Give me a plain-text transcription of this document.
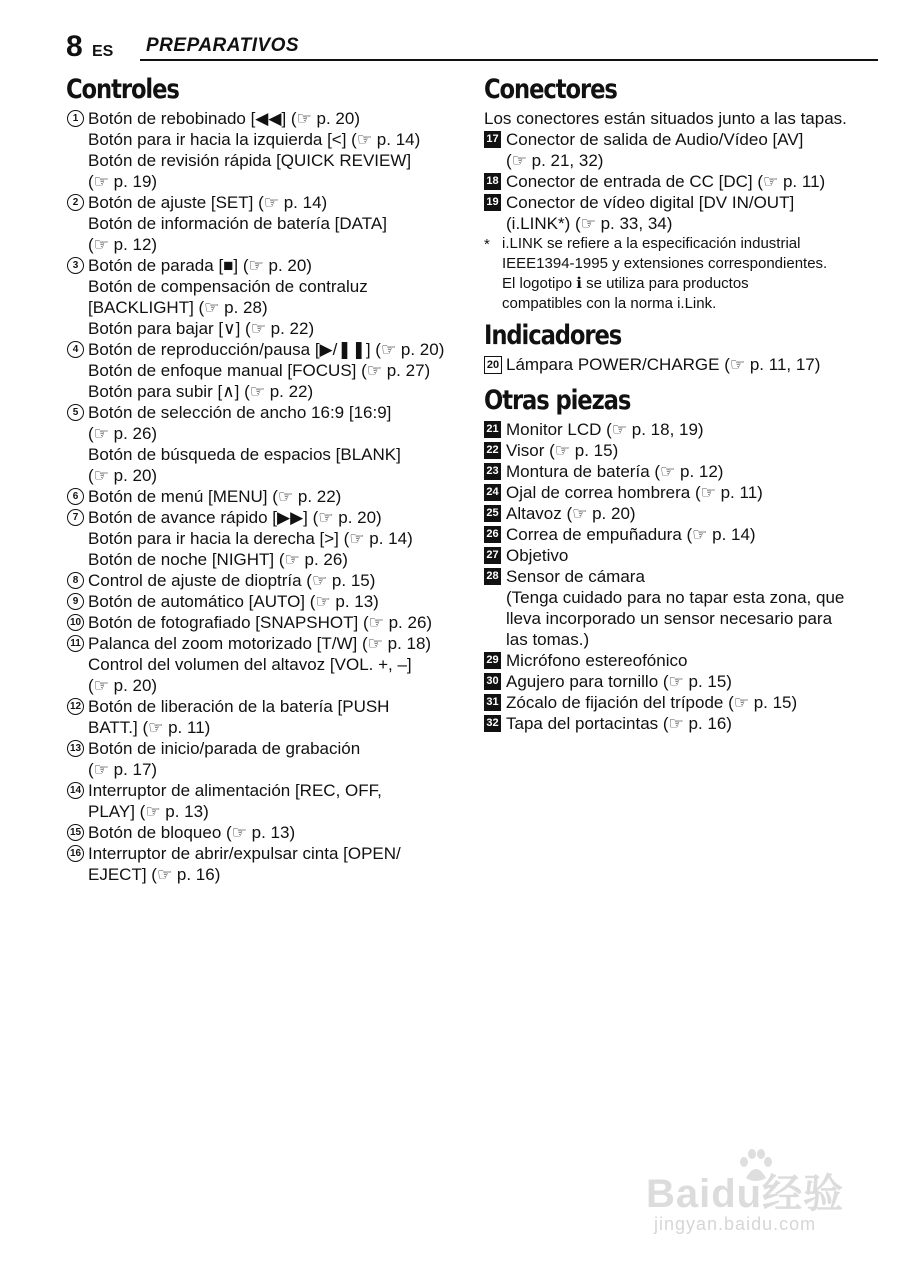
8 ES PREPARATIVOS
Controles
1 Botón de rebobinado [◀◀] (☞ p. 20)
Botón para ir hacia la izquierda [<] (☞ p. 14)
Botón de revisión rápida [QUICK REVIEW]
(☞ p. 19)
2 Botón de ajuste [SET] (☞ p. 14)
Botón de información de batería [DATA]
(☞ p. 12)
3 Botón de parada [■] (☞ p. 20)
Botón de compensación de contraluz
[BACKLIGHT] (☞ p. 28)
Botón para bajar [∨] (☞ p. 22)
4 Botón de reproducción/pausa [▶/❚❚] (☞ p. 20)
Botón de enfoque manual [FOCUS] (☞ p. 27)
Botón para subir [∧] (☞ p. 22)
5 Botón de selección de ancho 16:9 [16:9]
(☞ p. 26)
Botón de búsqueda de espacios [BLANK]
(☞ p. 20)
6 Botón de menú [MENU] (☞ p. 22)
7 Botón de avance rápido [▶▶] (☞ p. 20)
Botón para ir hacia la derecha [>] (☞ p. 14)
Botón de noche [NIGHT] (☞ p. 26)
8 Control de ajuste de dioptría (☞ p. 15)
9 Botón de automático [AUTO] (☞ p. 13)
10 Botón de fotografiado [SNAPSHOT] (☞ p. 26)
11 Palanca del zoom motorizado [T/W] (☞ p. 18)
Control del volumen del altavoz [VOL. +, –]
(☞ p. 20)
12 Botón de liberación de la batería [PUSH
BATT.] (☞ p. 11)
13 Botón de inicio/parada de grabación
(☞ p. 17)
14 Interruptor de alimentación [REC, OFF,
PLAY] (☞ p. 13)
15 Botón de bloqueo (☞ p. 13)
16 Interruptor de abrir/expulsar cinta [OPEN/
EJECT] (☞ p. 16)
Conectores
Los conectores están situados junto a las tapas.
17 Conector de salida de Audio/Vídeo [AV]
(☞ p. 21, 32)
18 Conector de entrada de CC [DC] (☞ p. 11)
19 Conector de vídeo digital [DV IN/OUT]
(i.LINK*) (☞ p. 33, 34)
* i.LINK se refiere a la especificación industrial
IEEE1394-1995 y extensiones correspondientes.
El logotipo ℹ se utiliza para productos
compatibles con la norma i.Link.
Indicadores
20 Lámpara POWER/CHARGE (☞ p. 11, 17)
Otras piezas
21 Monitor LCD (☞ p. 18, 19)
22 Visor (☞ p. 15)
23 Montura de batería (☞ p. 12)
24 Ojal de correa hombrera (☞ p. 11)
25 Altavoz (☞ p. 20)
26 Correa de empuñadura (☞ p. 14)
27 Objetivo
28 Sensor de cámara
(Tenga cuidado para no tapar esta zona, que
lleva incorporado un sensor necesario para
las tomas.)
29 Micrófono estereofónico
30 Agujero para tornillo (☞ p. 15)
31 Zócalo de fijación del trípode (☞ p. 15)
32 Tapa del portacintas (☞ p. 16)
Baidu经验
jingyan.baidu.com
